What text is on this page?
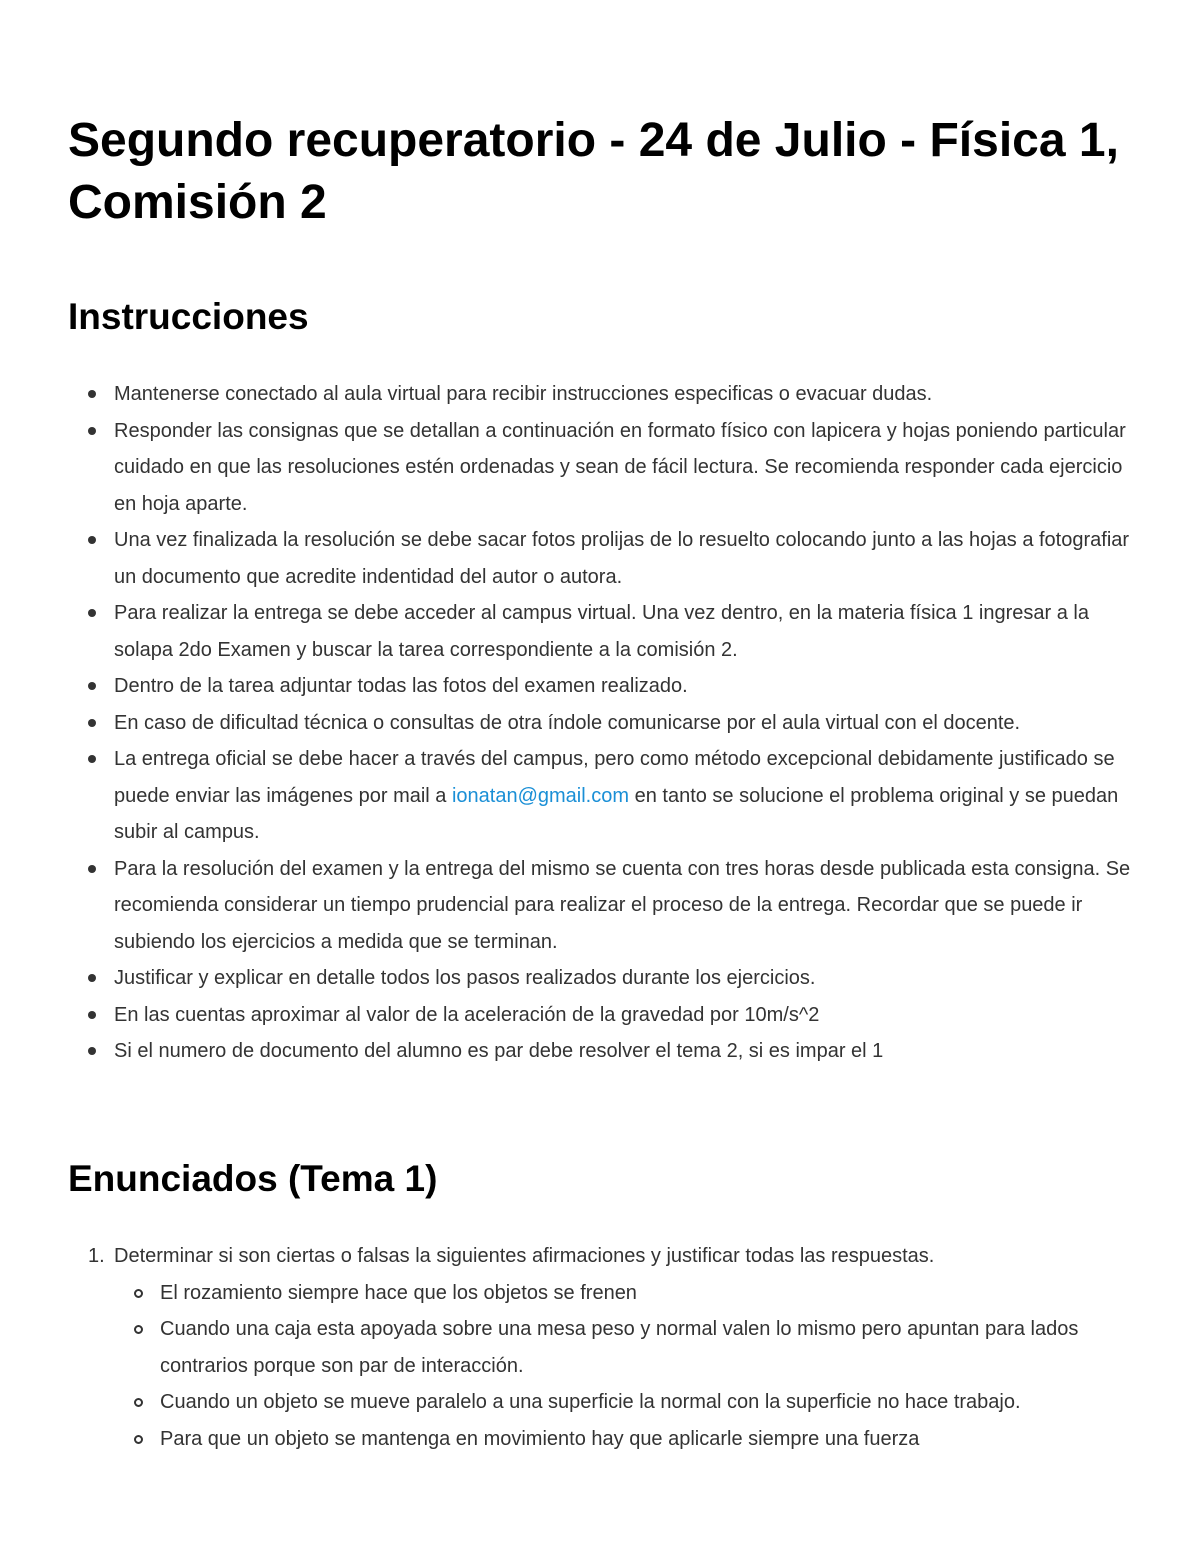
Segundo recuperatorio - 24 de Julio - Física 1, Comisión 2
Instrucciones
Mantenerse conectado al aula virtual para recibir instrucciones especificas o evacuar dudas.
Responder las consignas que se detallan a continuación en formato físico con lapicera y hojas poniendo particular cuidado en que las resoluciones estén ordenadas y sean de fácil lectura. Se recomienda responder cada ejercicio en hoja aparte.
Una vez finalizada la resolución se debe sacar fotos prolijas de lo resuelto colocando junto a las hojas a fotografiar un documento que acredite indentidad del autor o autora.
Para realizar la entrega se debe acceder al campus virtual. Una vez dentro, en la materia física 1 ingresar a la solapa 2do Examen y buscar la tarea correspondiente a la comisión 2.
Dentro de la tarea adjuntar todas las fotos del examen realizado.
En caso de dificultad técnica o consultas de otra índole comunicarse por el aula virtual con el docente.
La entrega oficial se debe hacer a través del campus, pero como método excepcional debidamente justificado se puede enviar las imágenes por mail a ionatan@gmail.com en tanto se solucione el problema original y se puedan subir al campus.
Para la resolución del examen y la entrega del mismo se cuenta con tres horas desde publicada esta consigna. Se recomienda considerar un tiempo prudencial para realizar el proceso de la entrega. Recordar que se puede ir subiendo los ejercicios a medida que se terminan.
Justificar y explicar en detalle todos los pasos realizados durante los ejercicios.
En las cuentas aproximar al valor de la aceleración de la gravedad por 10m/s^2
Si el numero de documento del alumno es par debe resolver el tema 2, si es impar el 1
Enunciados (Tema 1)
1. Determinar si son ciertas o falsas la siguientes afirmaciones y justificar todas las respuestas.
El rozamiento siempre hace que los objetos se frenen
Cuando una caja esta apoyada sobre una mesa peso y normal valen lo mismo pero apuntan para lados contrarios porque son par de interacción.
Cuando un objeto se mueve paralelo a una superficie la normal con la superficie no hace trabajo.
Para que un objeto se mantenga en movimiento hay que aplicarle siempre una fuerza
